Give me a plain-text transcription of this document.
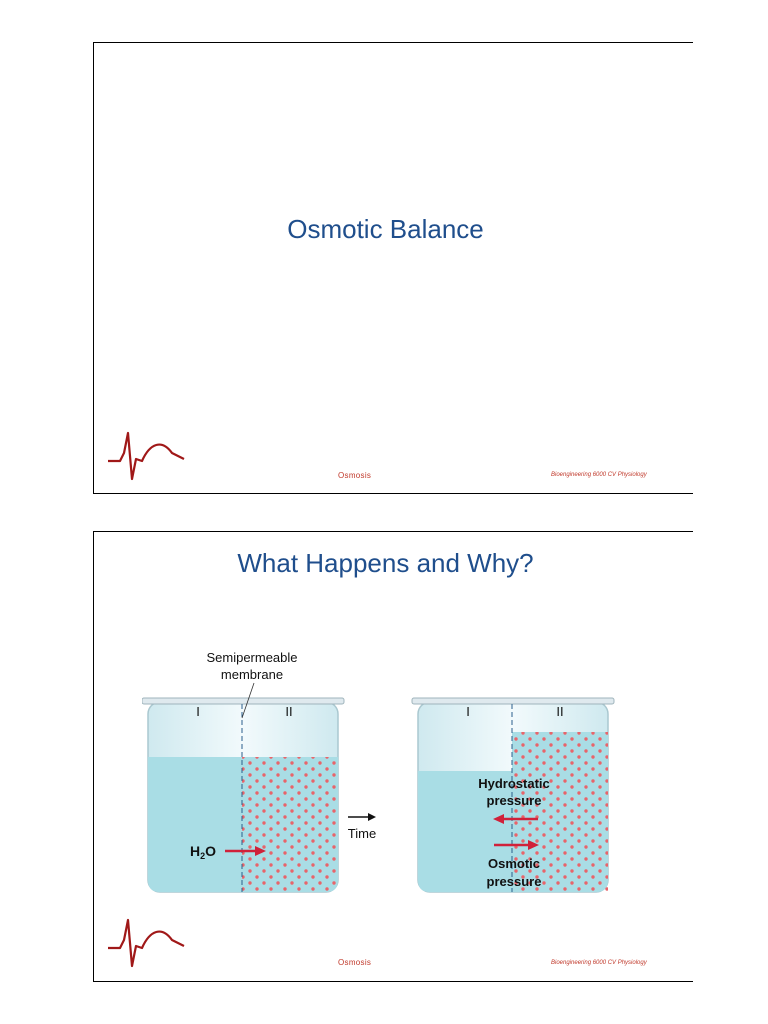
Osmotic Balance
Osmosis	Bioengineering 6000 CV Physiology
What Happens and Why?
Semipermeable
membrane
I	II
$H_2O$
Time
I	II
Hydrostatic
pressure
Osmotic
pressure
Osmosis	Bioengineering 6000 CV Physiology
